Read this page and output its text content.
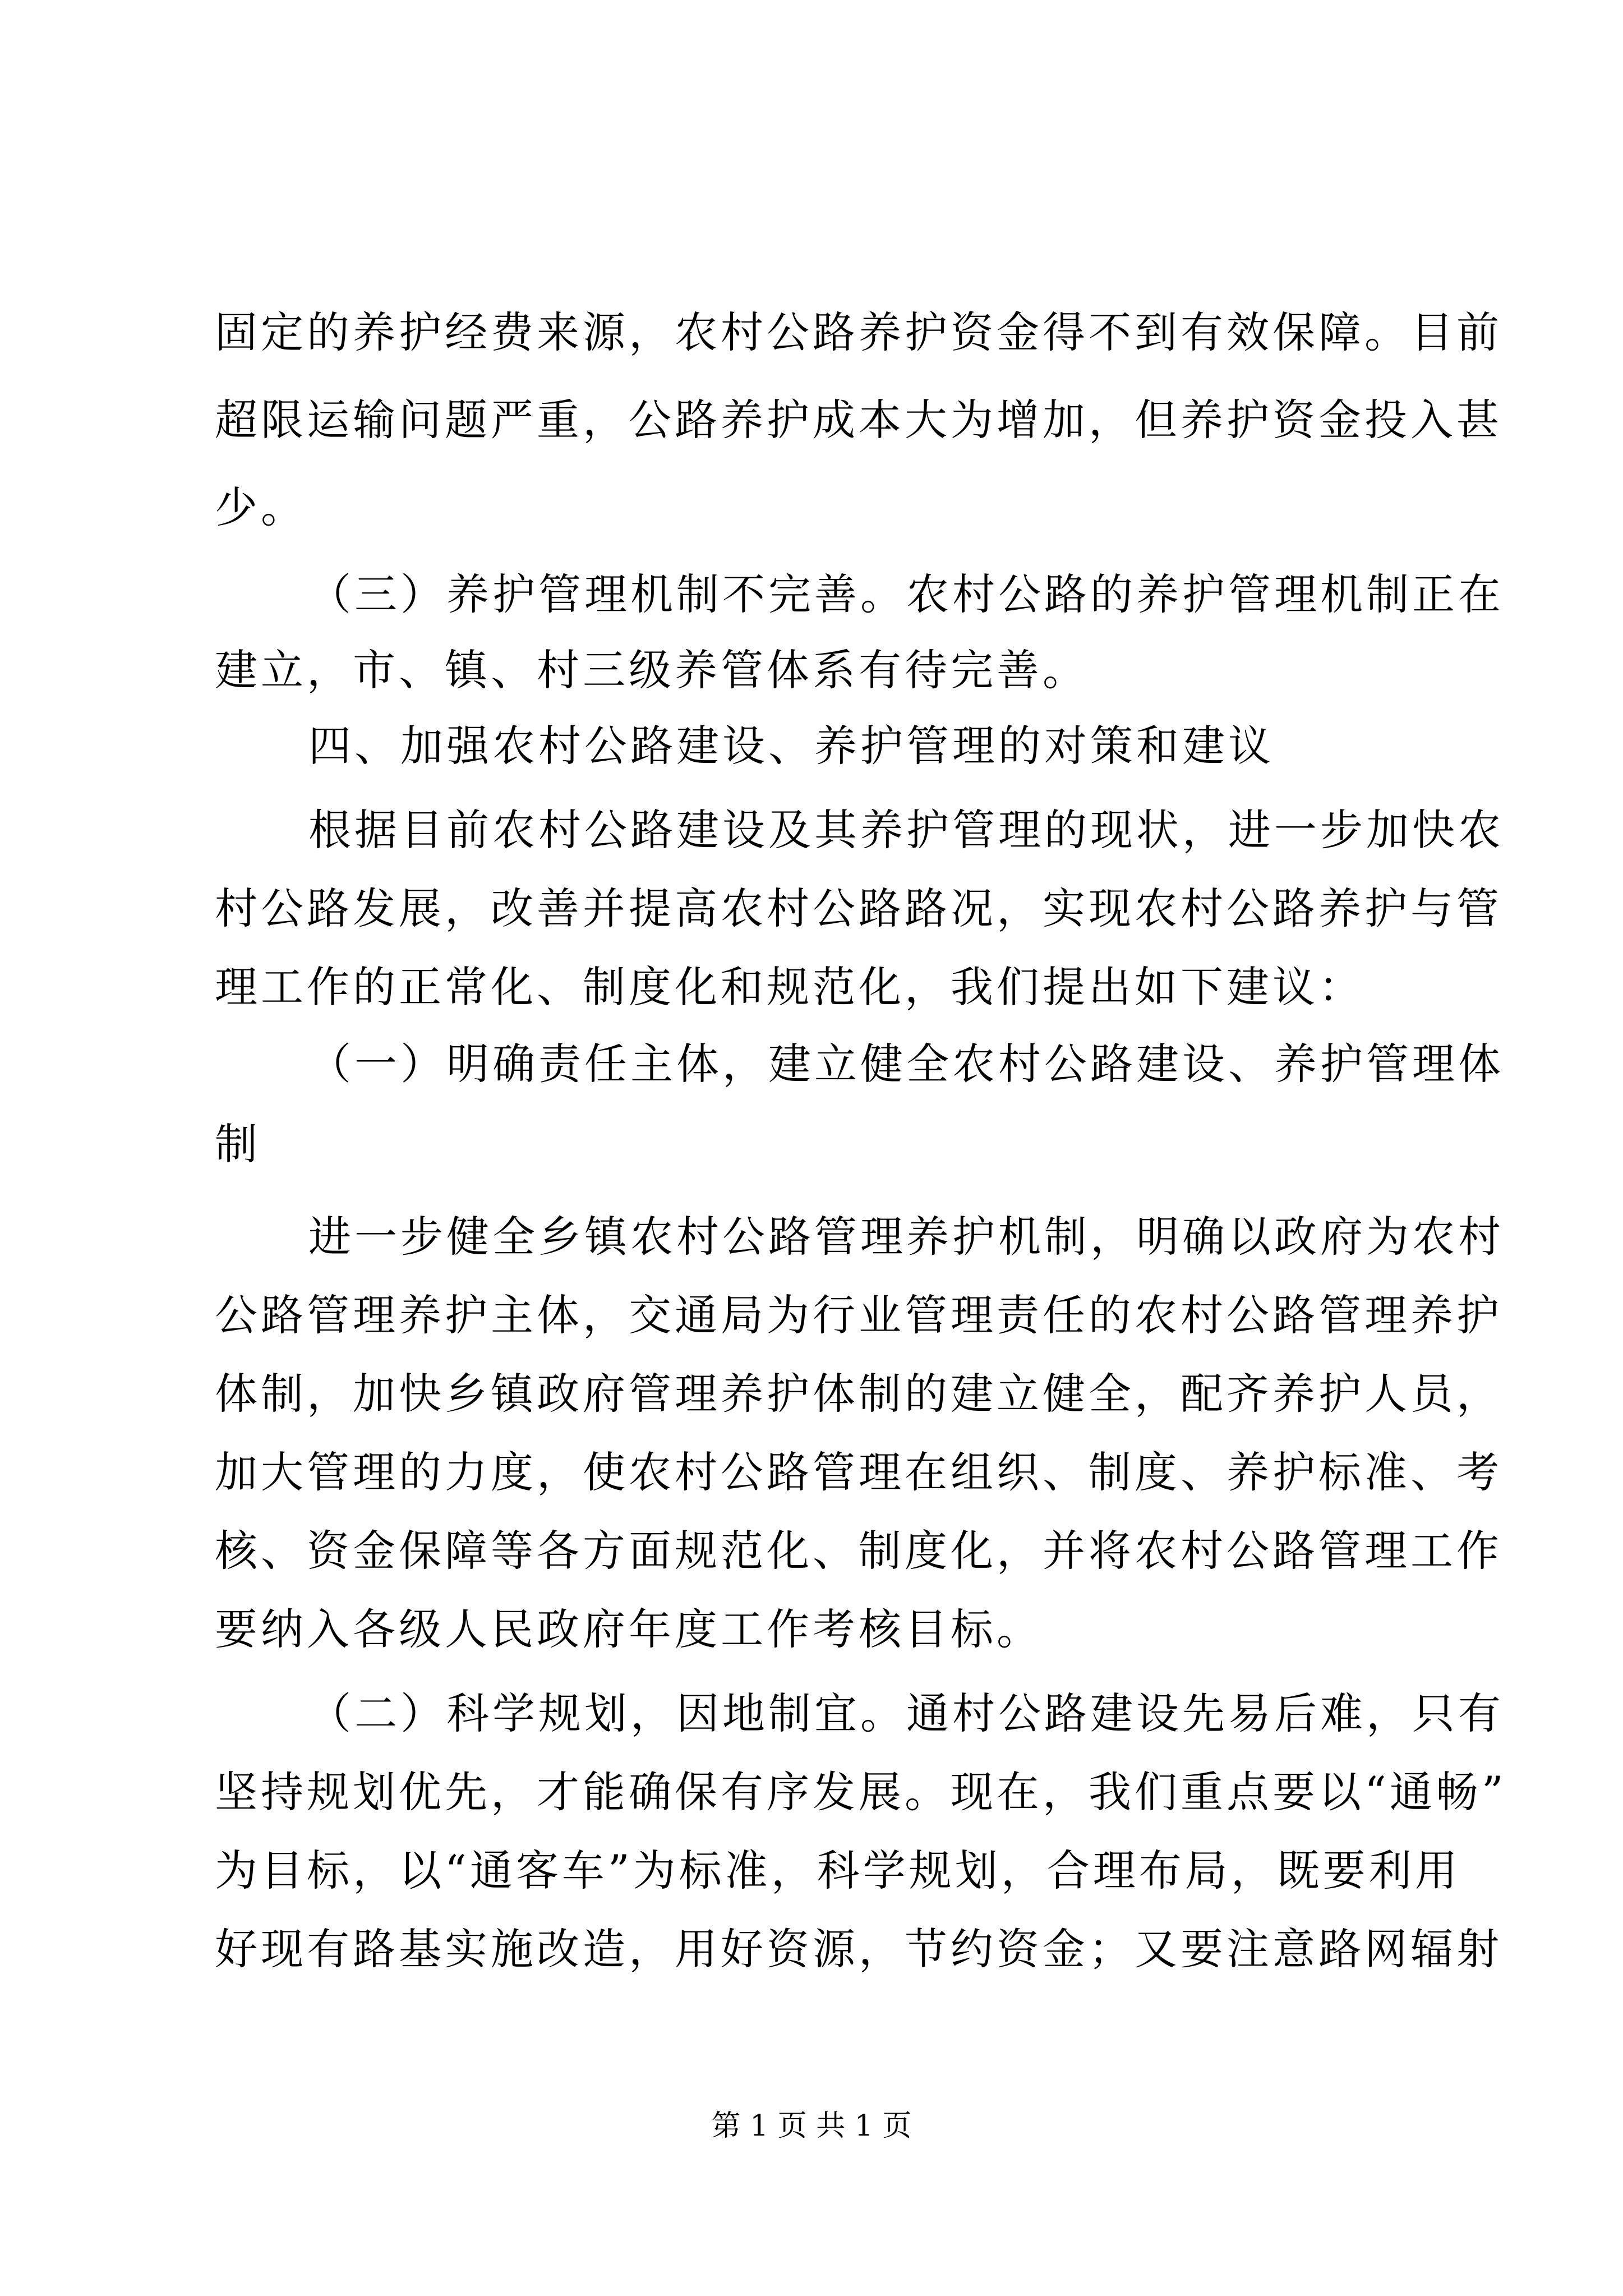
固定的养护经费来源，农村公路养护资金得不到有效保障。目前
超限运输问题严重，公路养护成本大为增加，但养护资金投入甚
少。
（三）养护管理机制不完善。农村公路的养护管理机制正在
建立，市、镇、村三级养管体系有待完善。
四、加强农村公路建设、养护管理的对策和建议
根据目前农村公路建设及其养护管理的现状，进一步加快农
村公路发展，改善并提高农村公路路况，实现农村公路养护与管
理工作的正常化、制度化和规范化，我们提出如下建议：
（一）明确责任主体，建立健全农村公路建设、养护管理体
制
进一步健全乡镇农村公路管理养护机制，明确以政府为农村
公路管理养护主体，交通局为行业管理责任的农村公路管理养护
体制，加快乡镇政府管理养护体制的建立健全，配齐养护人员，
加大管理的力度，使农村公路管理在组织、制度、养护标准、考
核、资金保障等各方面规范化、制度化，并将农村公路管理工作
要纳入各级人民政府年度工作考核目标。
（二）科学规划，因地制宜。通村公路建设先易后难，只有
坚持规划优先，才能确保有序发展。现在，我们重点要以“通畅”
为目标，以“通客车”为标准，科学规划，合理布局，既要利用
好现有路基实施改造，用好资源，节约资金；又要注意路网辐射
第 1 页 共 1 页
